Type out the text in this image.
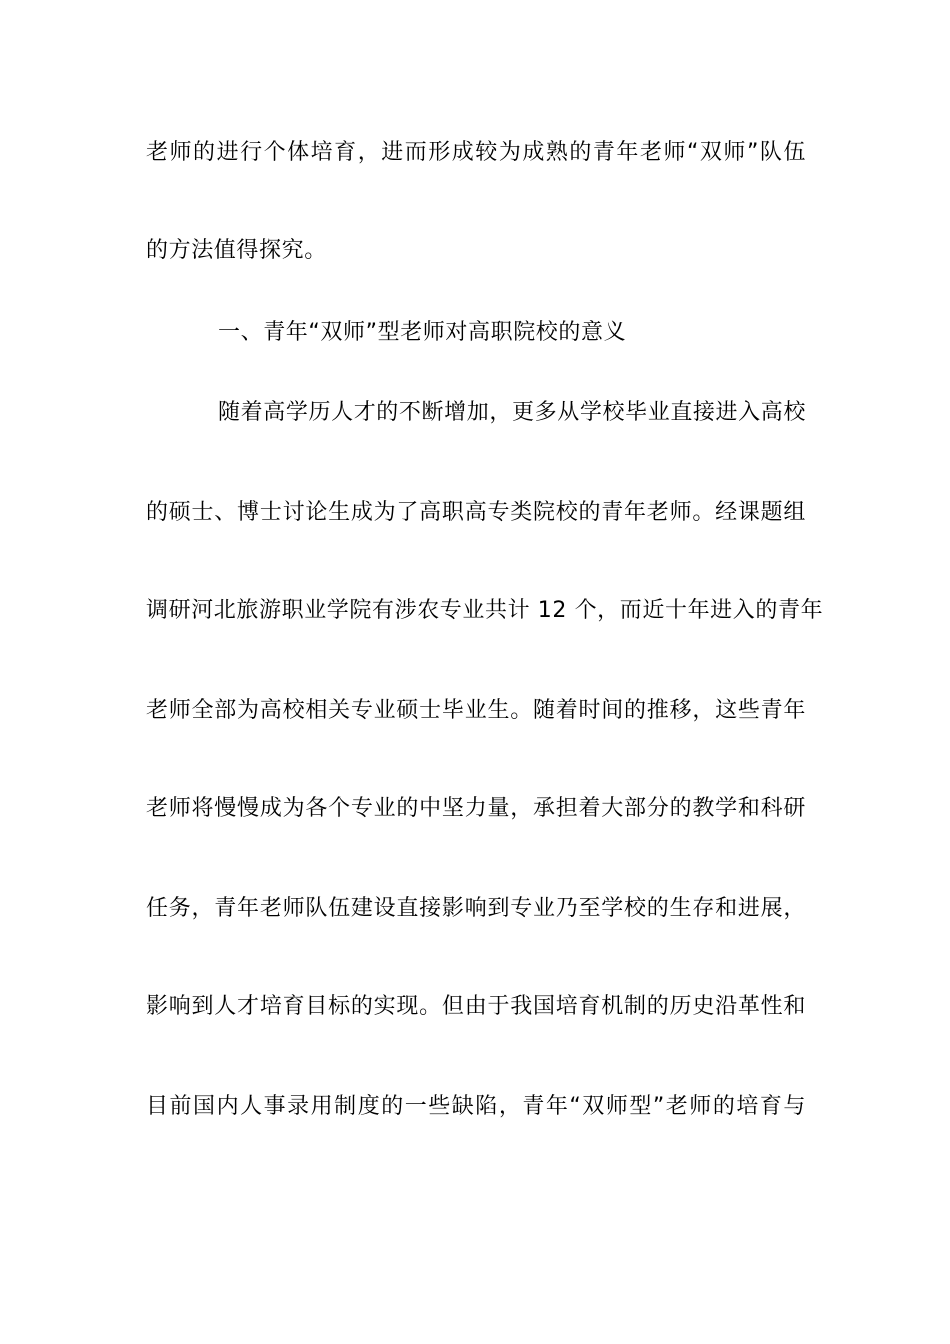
老师的进行个体培育，进而形成较为成熟的青年老师“双师”队伍
的方法值得探究。
一、青年“双师”型老师对高职院校的意义
随着高学历人才的不断增加，更多从学校毕业直接进入高校
的硕士、博士讨论生成为了高职高专类院校的青年老师。经课题组
调研河北旅游职业学院有涉农专业共计 12 个，而近十年进入的青年
老师全部为高校相关专业硕士毕业生。随着时间的推移，这些青年
老师将慢慢成为各个专业的中坚力量，承担着大部分的教学和科研
任务，青年老师队伍建设直接影响到专业乃至学校的生存和进展，
影响到人才培育目标的实现。但由于我国培育机制的历史沿革性和
目前国内人事录用制度的一些缺陷，青年“双师型”老师的培育与
